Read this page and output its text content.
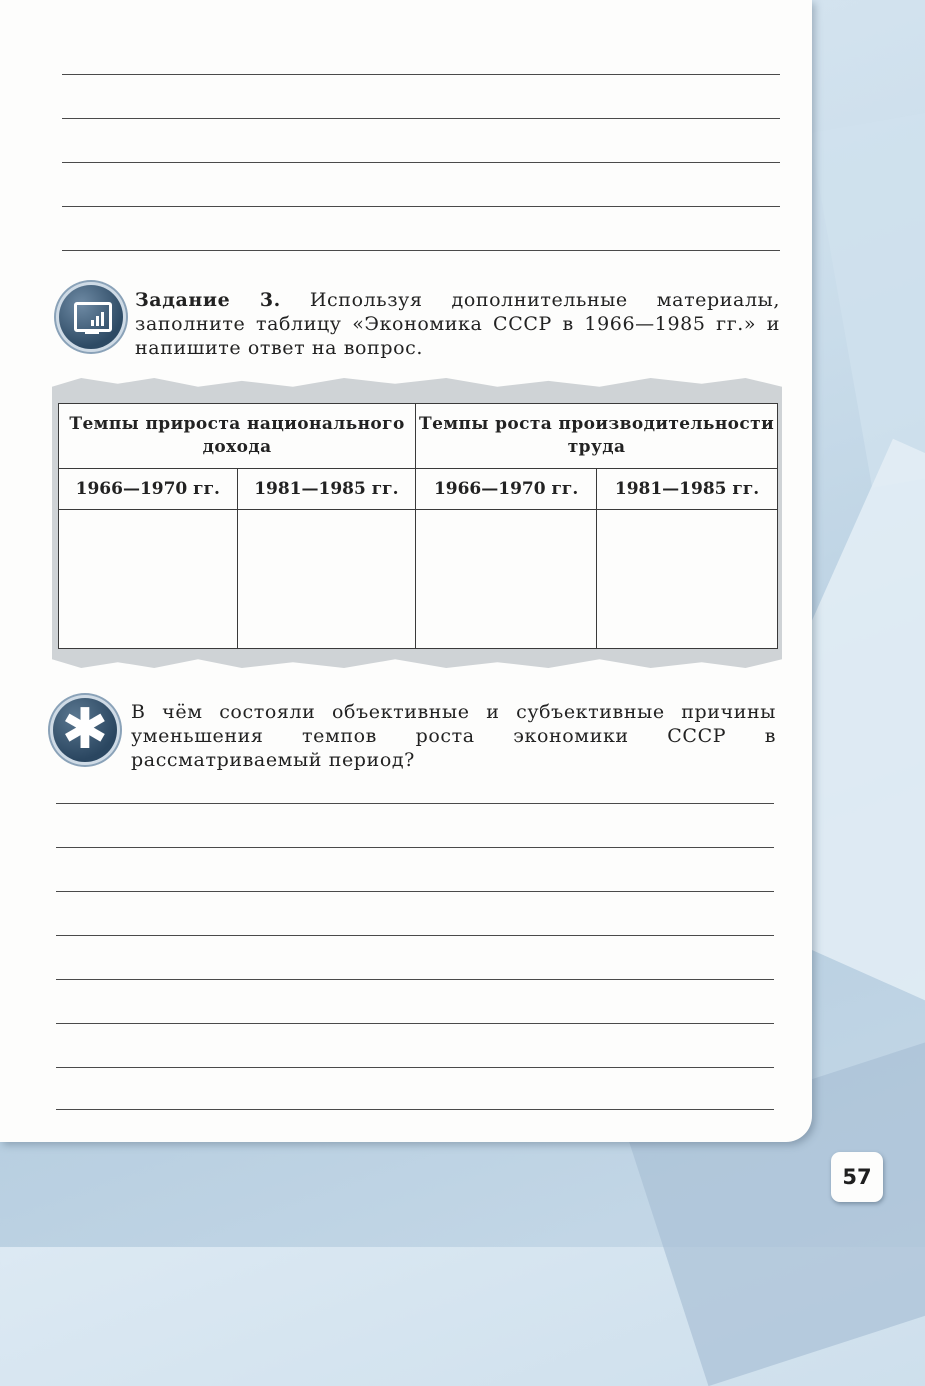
Задание 3. Используя дополнительные материалы, заполните таблицу «Экономика СССР в 1966—1985 гг.» и напишите ответ на вопрос.
Темпы прироста национального дохода		Темпы роста производительности труда	
1966—1970 гг.	1981—1985 гг.	1966—1970 гг.	1981—1985 гг.

✱	В чём состояли объективные и субъективные причины уменьшения темпов роста экономики СССР в рассматриваемый период?
57
